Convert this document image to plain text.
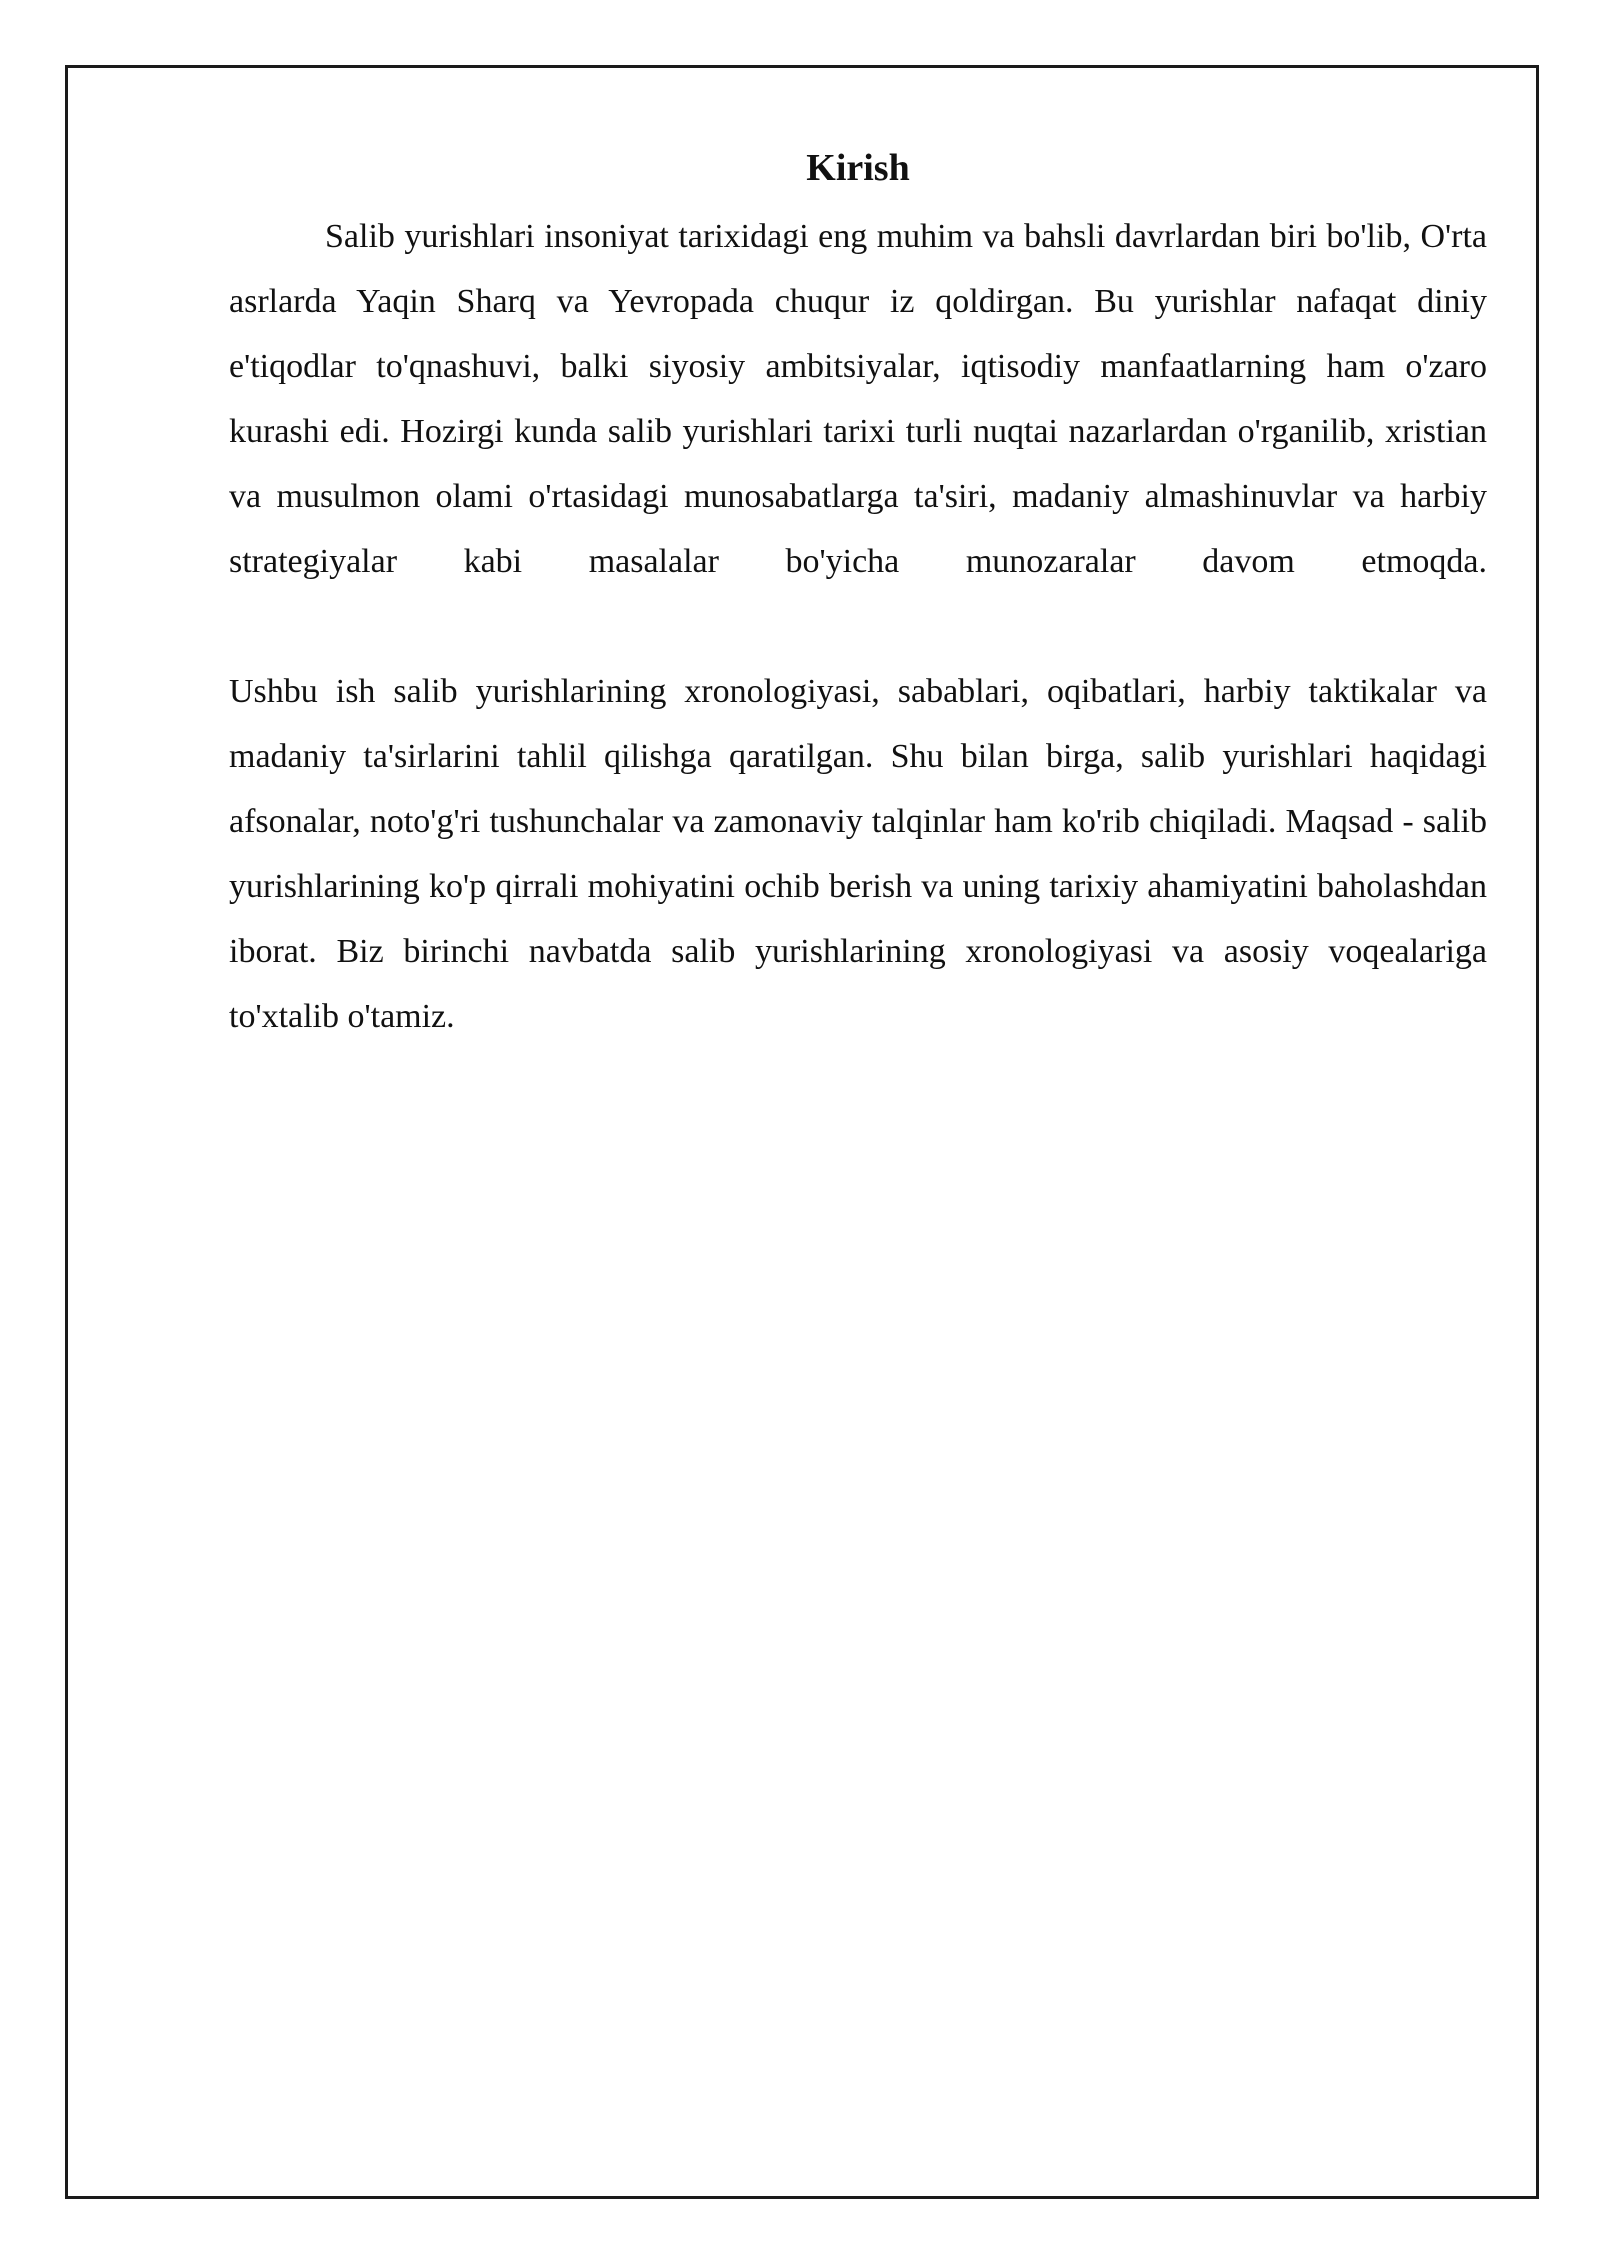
Kirish

Salib yurishlari insoniyat tarixidagi eng muhim va bahsli davrlardan biri bo'lib, O'rta asrlarda Yaqin Sharq va Yevropada chuqur iz qoldirgan. Bu yurishlar nafaqat diniy e'tiqodlar to'qnashuvi, balki siyosiy ambitsiyalar, iqtisodiy manfaatlarning ham o'zaro kurashi edi. Hozirgi kunda salib yurishlari tarixi turli nuqtai nazarlardan o'rganilib, xristian va musulmon olami o'rtasidagi munosabatlarga ta'siri, madaniy almashinuvlar va harbiy strategiyalar kabi masalalar bo'yicha munozaralar davom etmoqda.

Ushbu ish salib yurishlarining xronologiyasi, sabablari, oqibatlari, harbiy taktikalar va madaniy ta'sirlarini tahlil qilishga qaratilgan. Shu bilan birga, salib yurishlari haqidagi afsonalar, noto'g'ri tushunchalar va zamonaviy talqinlar ham ko'rib chiqiladi. Maqsad - salib yurishlarining ko'p qirrali mohiyatini ochib berish va uning tarixiy ahamiyatini baholashdan iborat. Biz birinchi navbatda salib yurishlarining xronologiyasi va asosiy voqealariga to'xtalib o'tamiz.
